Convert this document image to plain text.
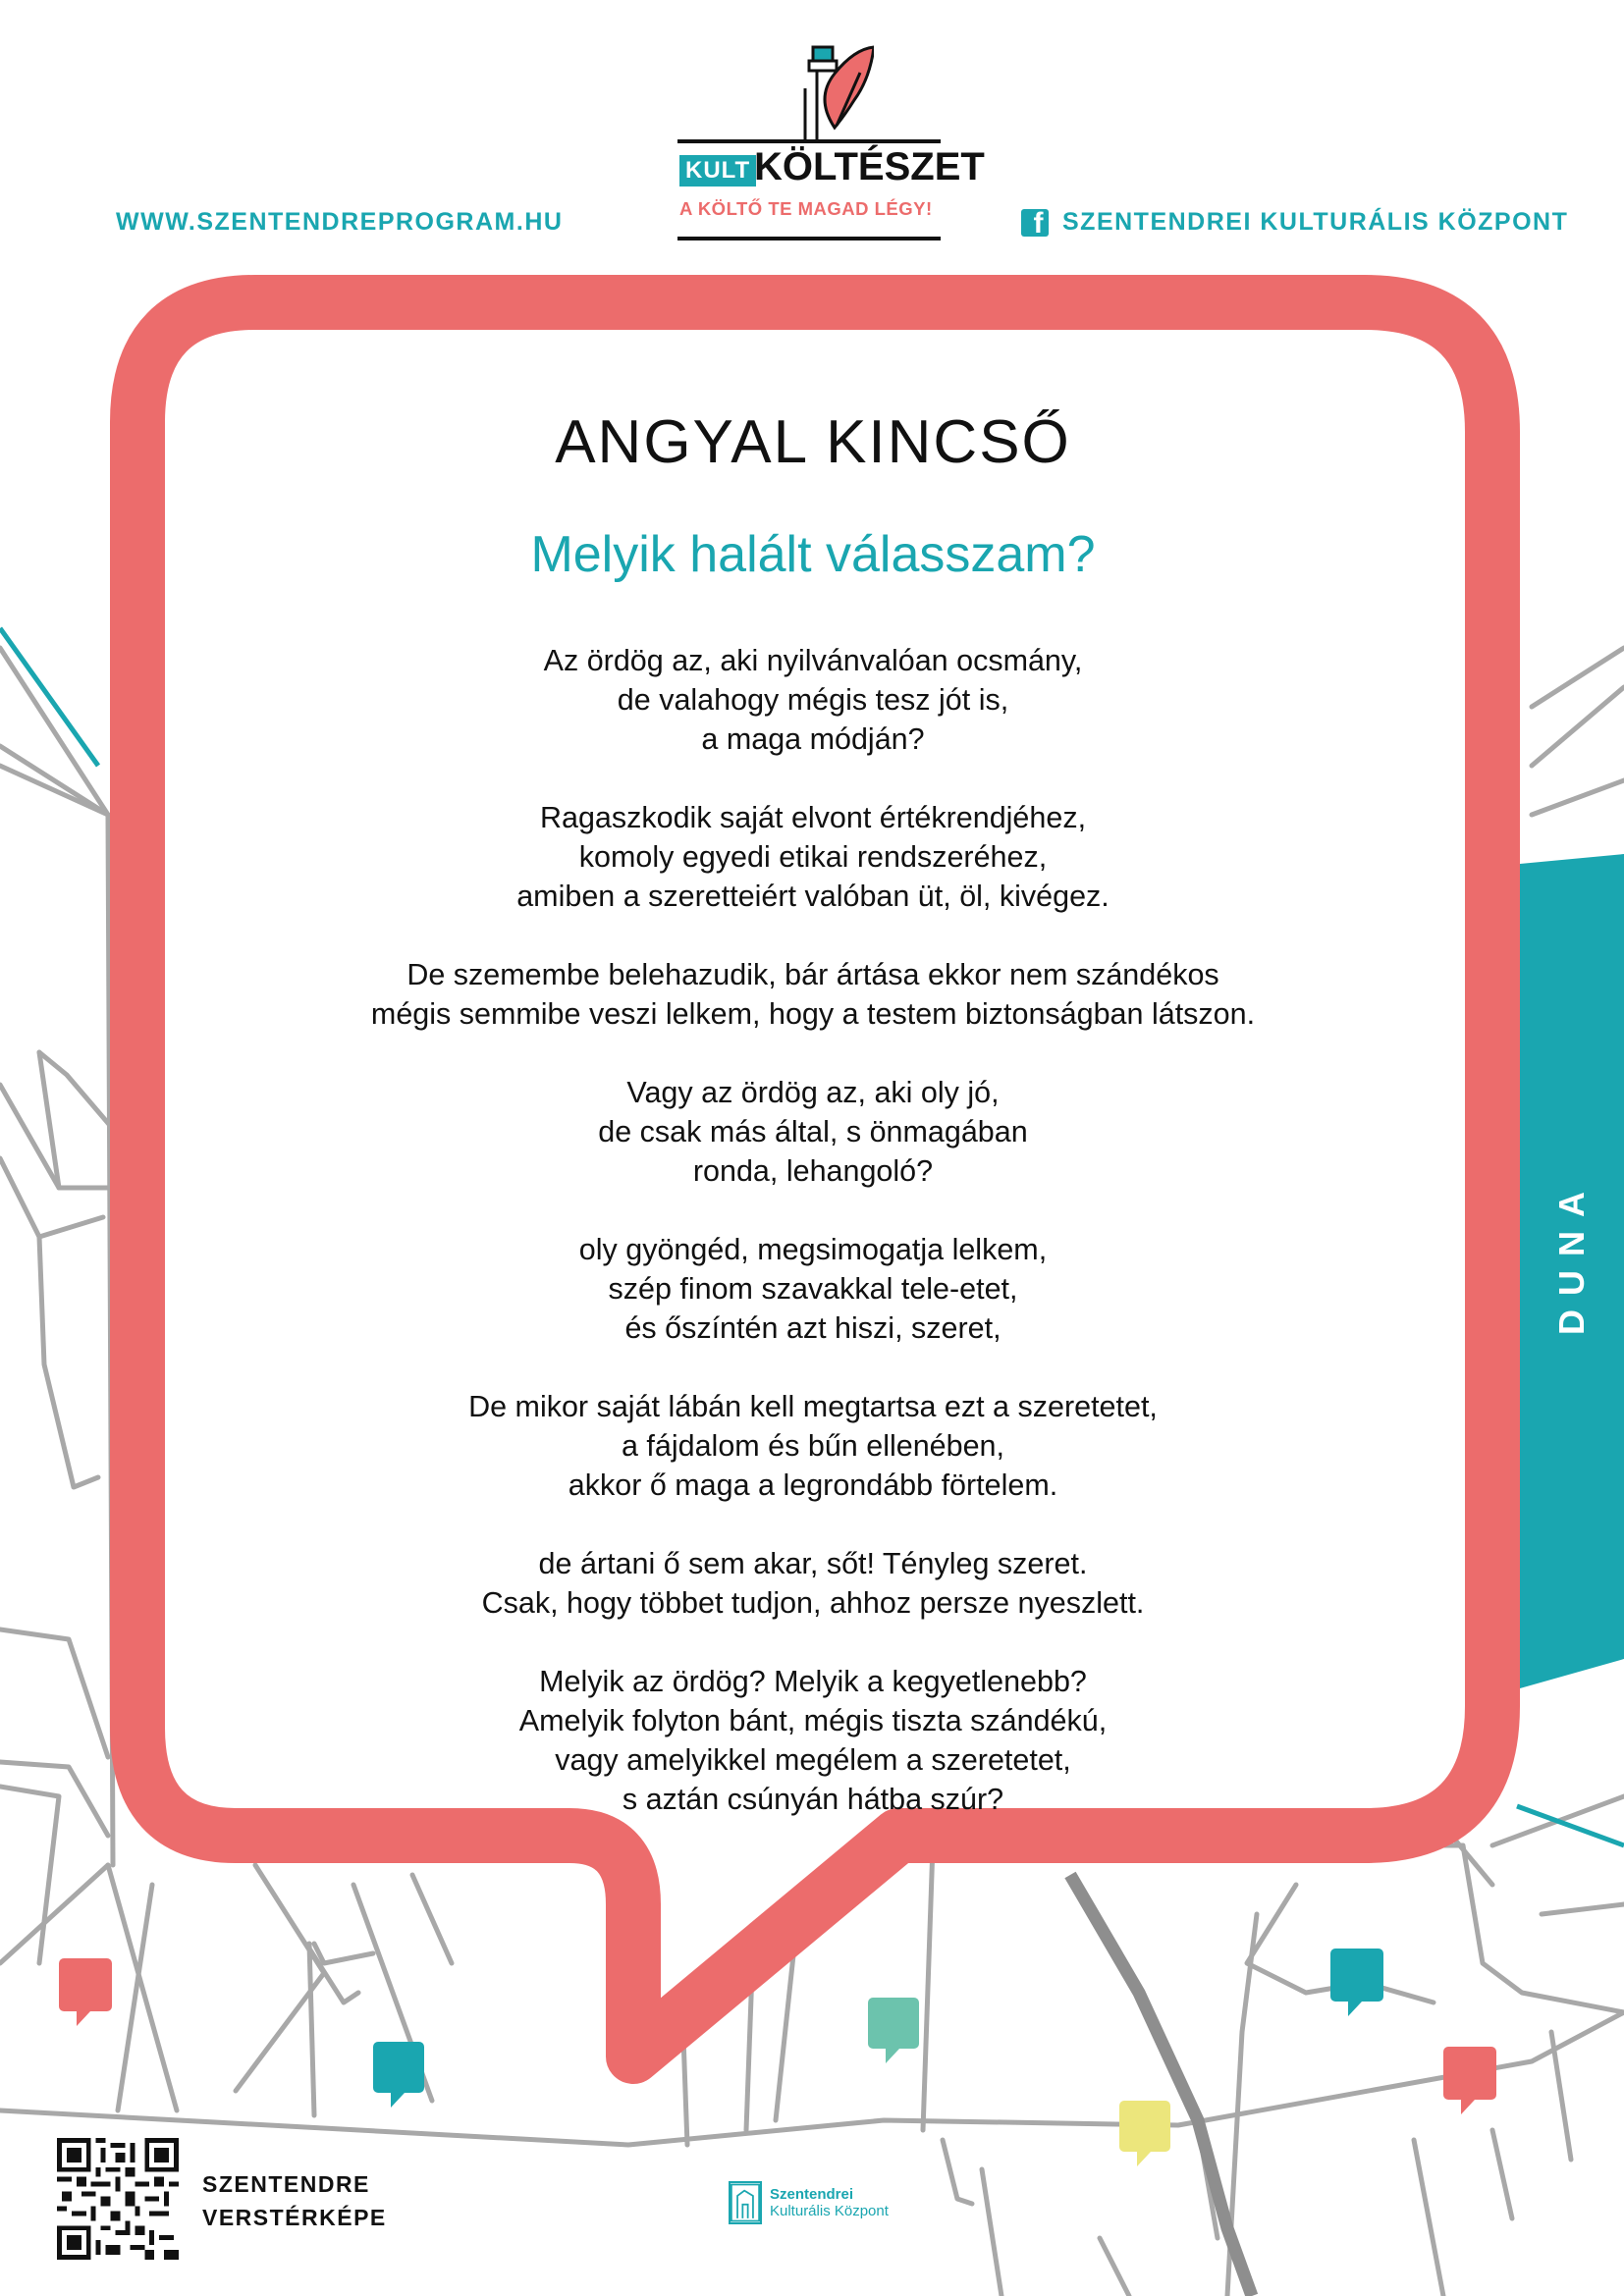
KULT KÖLTÉSZET
A KÖLTŐ TE MAGAD LÉGY!
WWW.SZENTENDREPROGRAM.HU	f SZENTENDREI KULTURÁLIS KÖZPONT
ANGYAL KINCSŐ
Melyik halált válasszam?

Az ördög az, aki nyilvánvalóan ocsmány,
de valahogy mégis tesz jót is,
a maga módján?

Ragaszkodik saját elvont értékrendjéhez,
komoly egyedi etikai rendszeréhez,
amiben a szeretteiért valóban üt, öl, kivégez.

De szemembe belehazudik, bár ártása ekkor nem szándékos
mégis semmibe veszi lelkem, hogy a testem biztonságban látszon.

Vagy az ördög az, aki oly jó,
de csak más által, s önmagában
ronda, lehangoló?

oly gyöngéd, megsimogatja lelkem,
szép finom szavakkal tele-etet,
és őszíntén azt hiszi, szeret,

De mikor saját lábán kell megtartsa ezt a szeretetet,
a fájdalom és bűn ellenében,
akkor ő maga a legrondább förtelem.

de ártani ő sem akar, sőt! Tényleg szeret.
Csak, hogy többet tudjon, ahhoz persze nyeszlett.

Melyik az ördög? Melyik a kegyetlenebb?
Amelyik folyton bánt, mégis tiszta szándékú,
vagy amelyikkel megélem a szeretetet,
s aztán csúnyán hátba szúr?

DUNA
SZENTENDRE
VERSTÉRKÉPE
Szentendrei
Kulturális Központ
